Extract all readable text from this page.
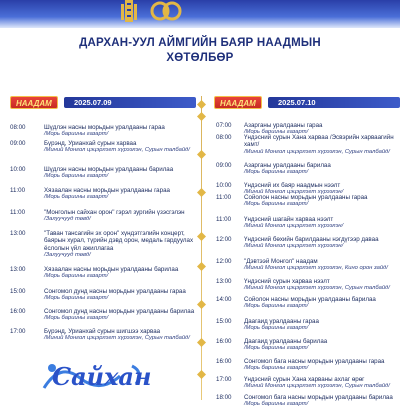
ДАРХАН-УУЛ АЙМГИЙН БАЯР НААДМЫН
ХӨТӨЛБӨР
НААДАМ	2025.07.09
08:00	Шүдлэн насны морьдын уралдааны гараа
/Морь бариины газарт/
09:00	Бүрэнд, Урианхай сурын харваа
/Миний Монгол цэцэрлэгт хүрээлэн, Сурын талбайд/
10:00	Шүдлэн насны морьдын уралдааны барилаа
/Морь бариины газарт/
11:00	Хязаалан насны морьдын уралдааны гараа
/Морь бариины газарт/
11:00	"Монголын сайхан орон" гэрэл зургийн үзэсгэлэн
/Залуучууд төвд/
13:00	"Таван тансагийн эх орон" хүндэтгэлийн концерт, баярын хурал, түрийн дэвд орон, медаль гардуулах ёслолын үйл ажиллагаа
/Залуучууд төвд/
13:00	Хязаалан насны морьдын уралдааны барилаа
/Морь бариины газарт/
15:00	Сонгомол дунд насны морьдын уралдааны гараа
/Морь бариины газарт/
16:00	Сонгомол дунд насны морьдын уралдааны барилаа
/Морь бариины газарт/
17:00	Бүрэнд, Урианхай сурын шигшээ харваа
/Миний Монгол цэцэрлэгт хүрээлэн, Сурын талбайд/
НААДАМ	2025.07.10
07:00 Азарганы уралдааны гараа
/Морь бариины газарт/
08:00 Үндэсний сурын Хана харваа /Эсвэрийн харваагийн хамт/
/Миний Монгол цэцэрлэгт хүрээлэн, Сурын талбайд/
09:00 Азарганы уралдааны барилаа
/Морь бариины газарт/
10:00 Үндэсний их баяр наадмын нээлт
/Миний Монгол цэцэрлэгт хүрээлэн/
11:00 Сойолон насны морьдын уралдааны гараа
/Морь бариины газарт/
11:00 Үндэсний шагайн харваа нээлт
/Миний Монгол цэцэрлэгт хүрээлэн/
12:00 Үндэсний бөхийн барилдааны нэгдүгээр даваа
/Миний Монгол цэцэрлэгт хүрээлэн/
12:00 "Дэвтээй Монгол" наадам
/Миний Монгол цэцэрлэгт хүрээлэн, Кино орон зайд/
13:00 Үндэсний сурын харваа нээлт
/Миний Монгол цэцэрлэгт хүрээлэн, Сурын талбайд/
14:00 Сойолон насны морьдын уралдааны барилаа
/Морь бариины газарт/
15:00 Даагаид уралдааны гараа
/Морь бариины газарт/
16:00 Даагаид уралдааны барилаа
/Морь бариины газарт/
16:00 Сонгомол бага насны морьдын уралдааны гараа
/Морь бариины газарт/
17:00 Үндэсний сурын Хана харваны ахлаг өрөг
/Миний Монгол цэцэрлэгт хүрээлэн, Сурын талбайд/
18:00 Сонгомол бага насны морьдын уралдааны барилаа
/Морь бариины газарт/
Сайхан
